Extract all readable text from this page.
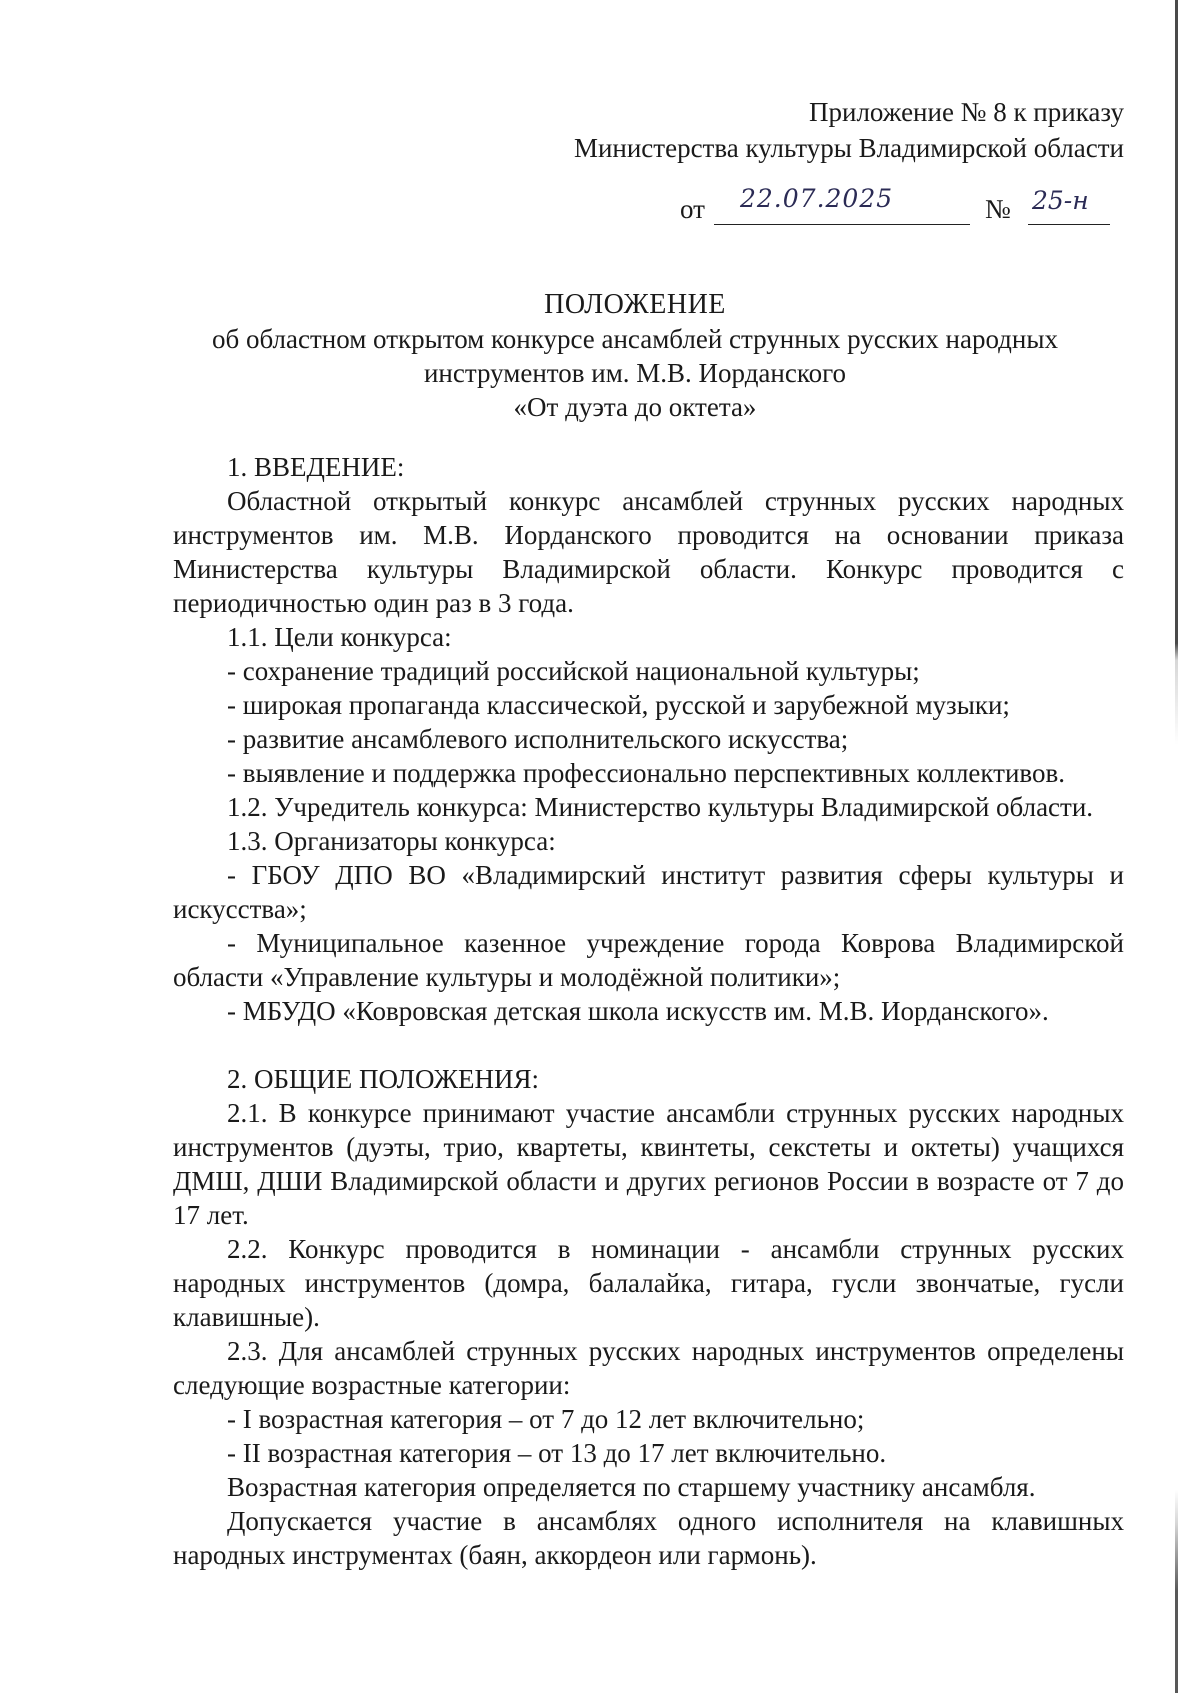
Приложение № 8 к приказу
Министерства культуры Владимирской области
от 22.07.2025	№ 25-н
ПОЛОЖЕНИЕ
об областном открытом конкурсе ансамблей струнных русских народных
инструментов им. М.В. Иорданского
«От дуэта до октета»

1. ВВЕДЕНИЕ:

Областной открытый конкурс ансамблей струнных русских народных инструментов им. М.В. Иорданского проводится на основании приказа Министерства культуры Владимирской области. Конкурс проводится с периодичностью один раз в 3 года.

1.1. Цели конкурса:

- сохранение традиций российской национальной культуры;

- широкая пропаганда классической, русской и зарубежной музыки;

- развитие ансамблевого исполнительского искусства;

- выявление и поддержка профессионально перспективных коллективов.

1.2. Учредитель конкурса: Министерство культуры Владимирской области.

1.3. Организаторы конкурса:

- ГБОУ ДПО ВО «Владимирский институт развития сферы культуры и искусства»;

- Муниципальное казенное учреждение города Коврова Владимирской области «Управление культуры и молодёжной политики»;

- МБУДО «Ковровская детская школа искусств им. М.В. Иорданского».

2. ОБЩИЕ ПОЛОЖЕНИЯ:

2.1. В конкурсе принимают участие ансамбли струнных русских народных инструментов (дуэты, трио, квартеты, квинтеты, секстеты и октеты) учащихся ДМШ, ДШИ Владимирской области и других регионов России в возрасте от 7 до 17 лет.

2.2. Конкурс проводится в номинации - ансамбли струнных русских народных инструментов (домра, балалайка, гитара, гусли звончатые, гусли клавишные).

2.3. Для ансамблей струнных русских народных инструментов определены следующие возрастные категории:

- I возрастная категория – от 7 до 12 лет включительно;

- II возрастная категория – от 13 до 17 лет включительно.

Возрастная категория определяется по старшему участнику ансамбля.

Допускается участие в ансамблях одного исполнителя на клавишных народных инструментах (баян, аккордеон или гармонь).
